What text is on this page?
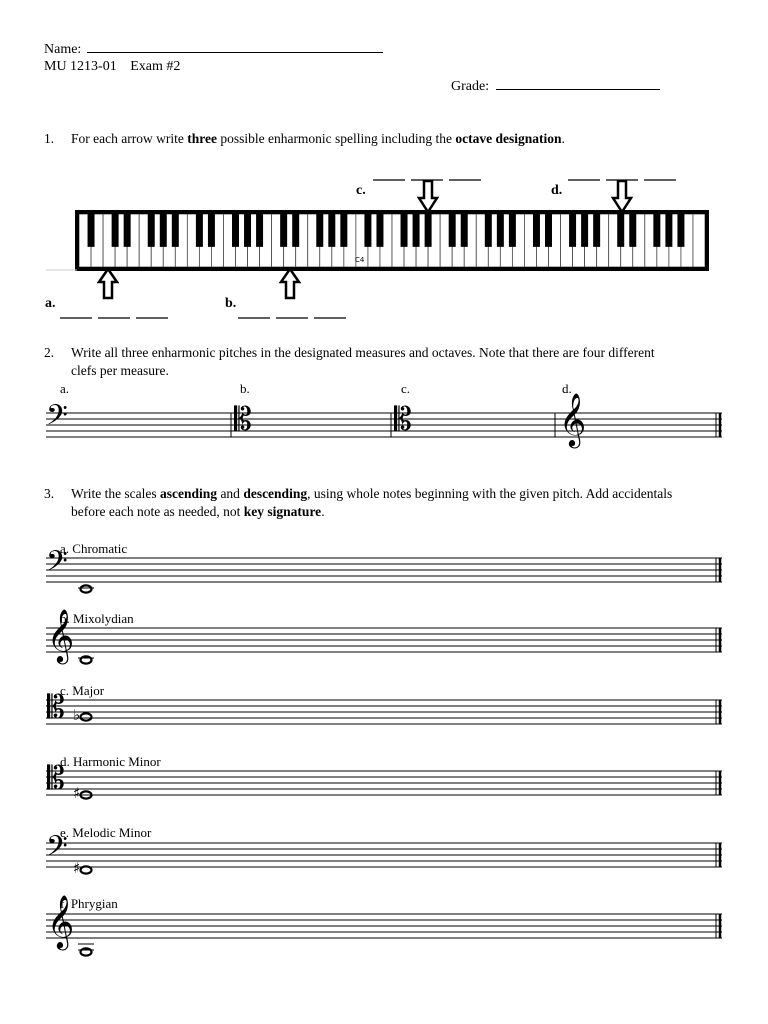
Name:
MU 1213-01 Exam #2
Grade:
1. For each arrow write three possible enharmonic spelling including the octave designation.
a.	b.
c.	d.
C4
2. Write all three enharmonic pitches in the designated measures and octaves. Note that there are four different
clefs per measure.
a.	b.	c.	d.
𝄢	𝄡	𝄡	𝄞
3. Write the scales ascending and descending, using whole notes beginning with the given pitch. Add accidentals
before each note as needed, not key signature.
a. Chromatic
𝄢
b. Mixolydian
𝄞
c. Major
𝄡 ♭
d. Harmonic Minor
𝄡 ♯
e. Melodic Minor
𝄢 ♯
f. Phrygian
𝄞
